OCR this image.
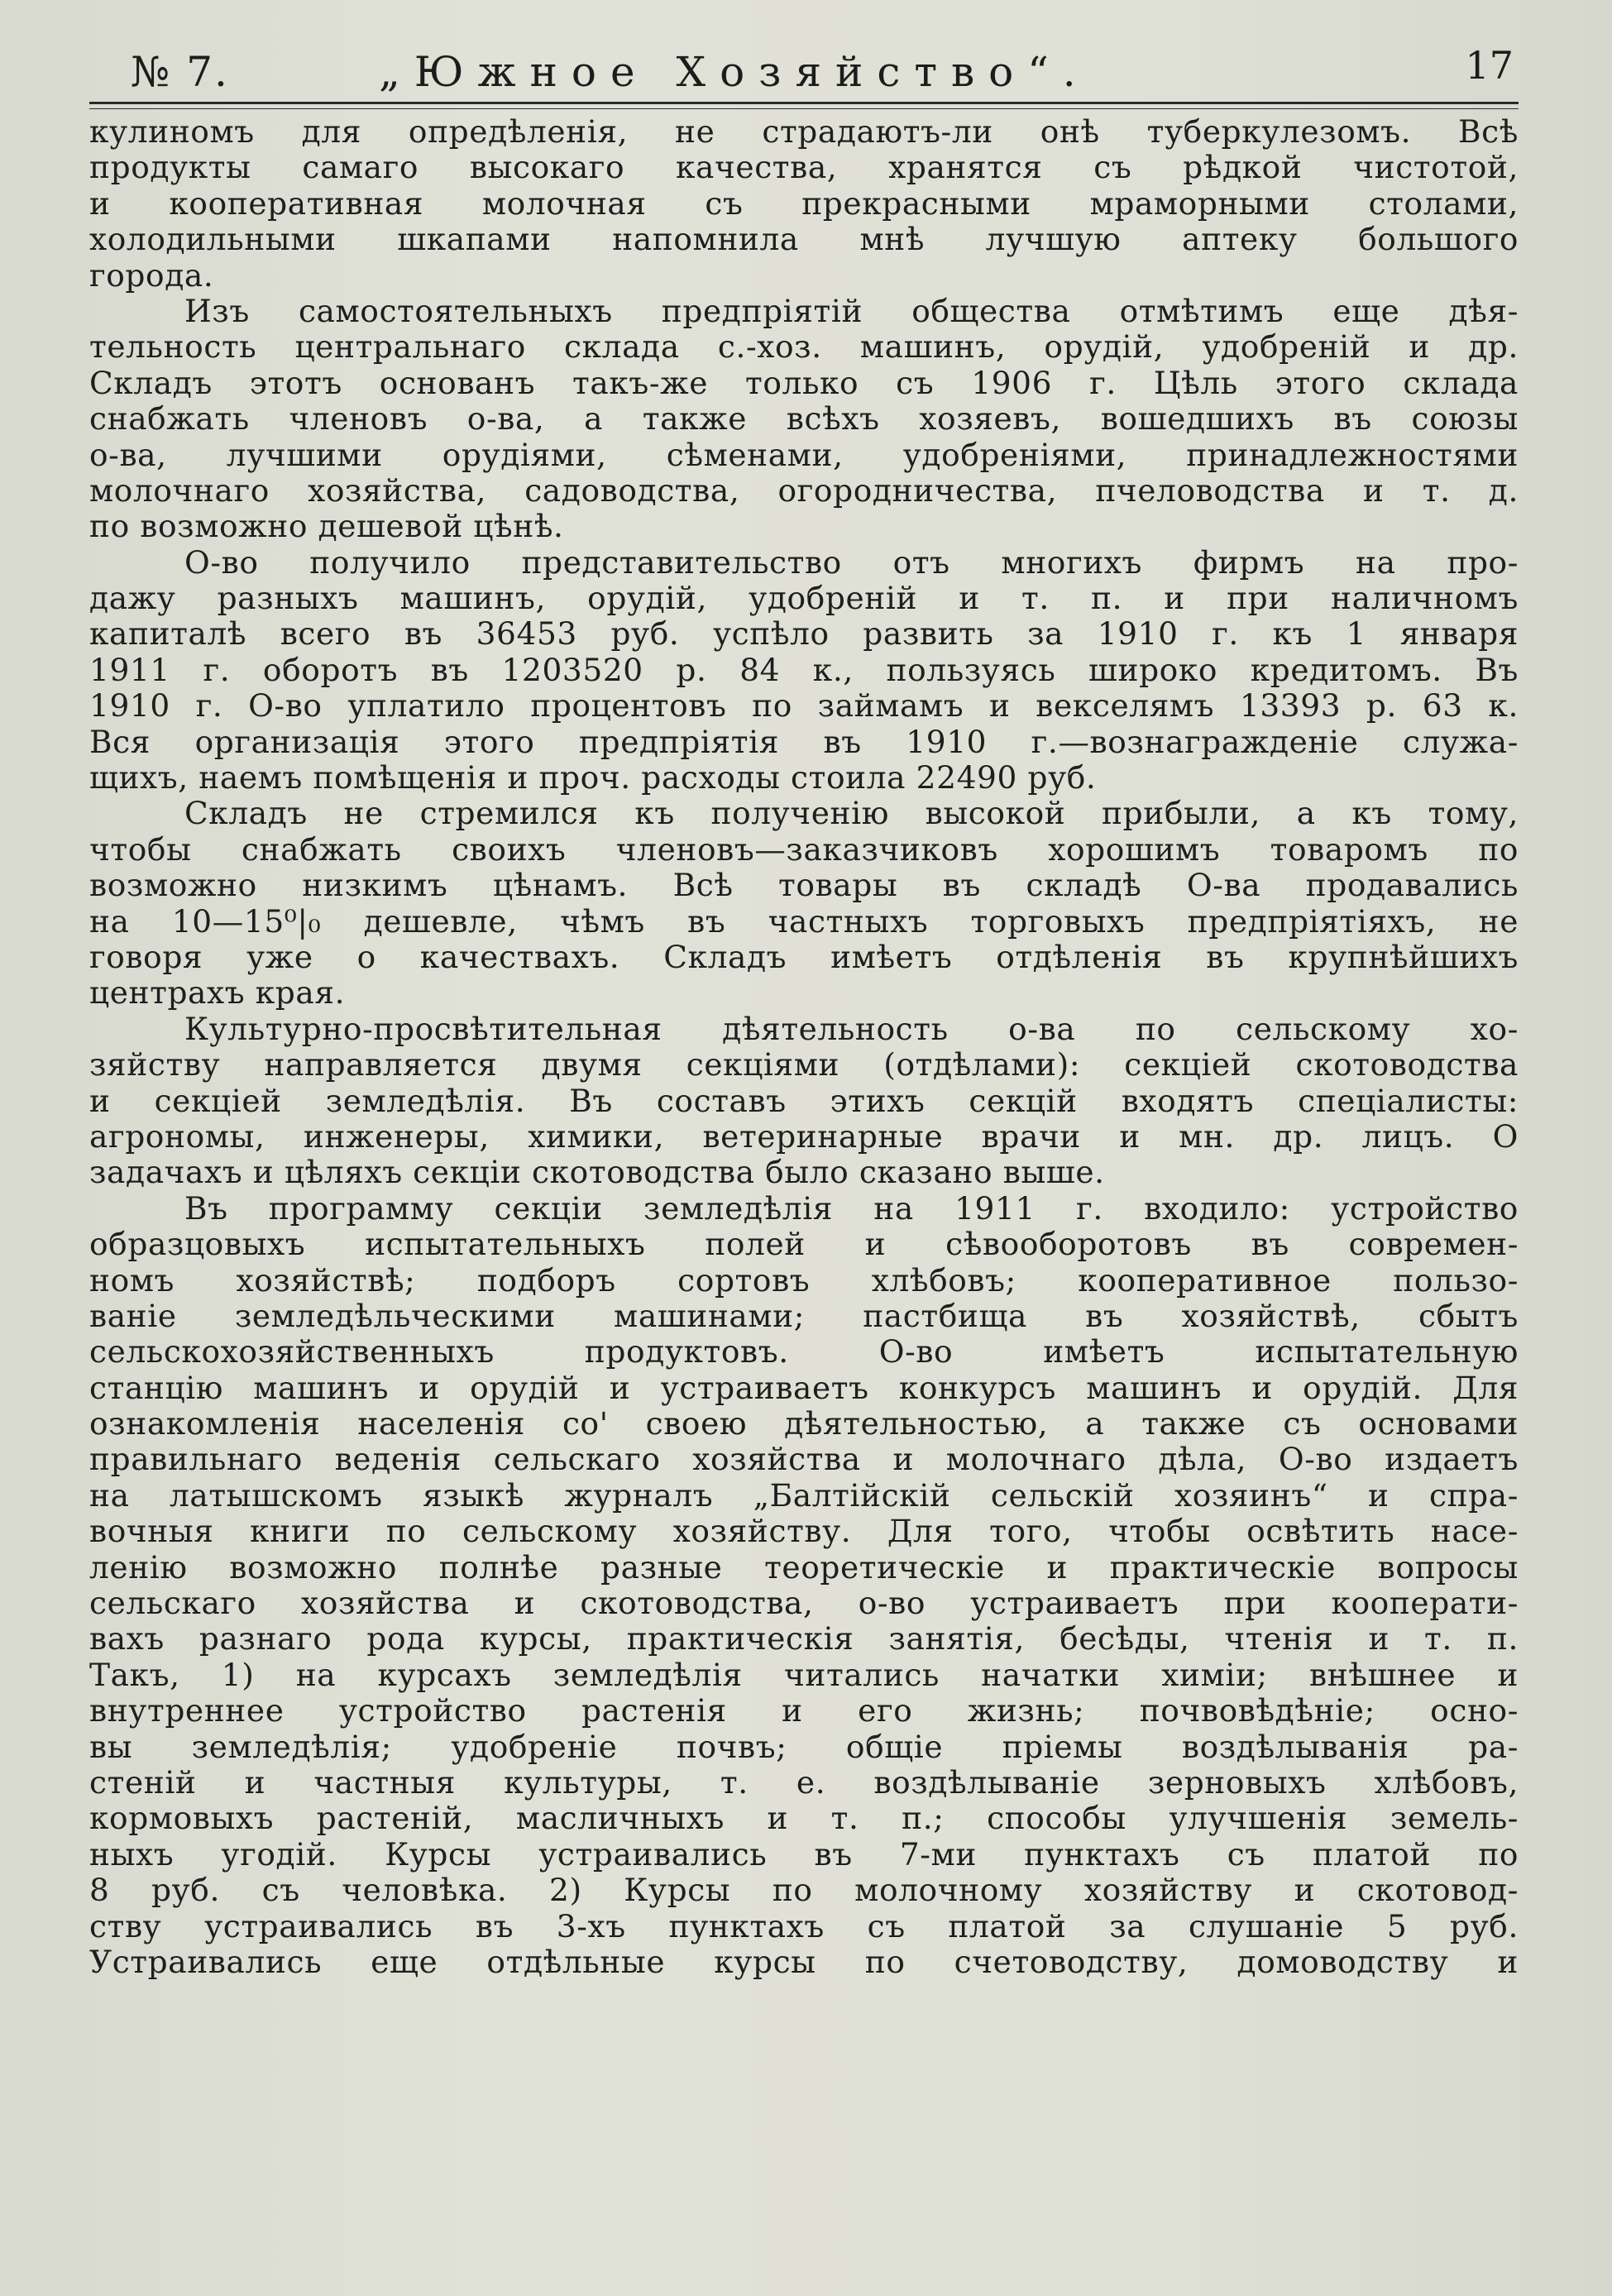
№ 7.	„Южное Хозяйство“.	17
кулиномъ для опредѣленія, не страдаютъ-ли онѣ туберкулезомъ. Всѣ
продукты самаго высокаго качества, хранятся съ рѣдкой чистотой,
и кооперативная молочная съ прекрасными мраморными столами,
холодильными шкапами напомнила мнѣ лучшую аптеку большого
города.
Изъ самостоятельныхъ предпріятій общества отмѣтимъ еще дѣя-
тельность центральнаго склада с.-хоз. машинъ, орудій, удобреній и др.
Складъ этотъ основанъ такъ-же только съ 1906 г. Цѣль этого склада
снабжать членовъ о-ва, а также всѣхъ хозяевъ, вошедшихъ въ союзы
о-ва, лучшими орудіями, сѣменами, удобреніями, принадлежностями
молочнаго хозяйства, садоводства, огородничества, пчеловодства и т. д.
по возможно дешевой цѣнѣ.
О-во получило представительство отъ многихъ фирмъ на про-
дажу разныхъ машинъ, орудій, удобреній и т. п. и при наличномъ
капиталѣ всего въ 36453 руб. успѣло развить за 1910 г. къ 1 января
1911 г. оборотъ въ 1203520 р. 84 к., пользуясь широко кредитомъ. Въ
1910 г. О-во уплатило процентовъ по займамъ и векселямъ 13393 р. 63 к.
Вся организація этого предпріятія въ 1910 г.—вознагражденіе служа-
щихъ, наемъ помѣщенія и проч. расходы стоила 22490 руб.
Складъ не стремился къ полученію высокой прибыли, а къ тому,
чтобы снабжать своихъ членовъ—заказчиковъ хорошимъ товаромъ по
возможно низкимъ цѣнамъ. Всѣ товары въ складѣ О-ва продавались
на 10—15⁰|₀ дешевле, чѣмъ въ частныхъ торговыхъ предпріятіяхъ, не
говоря уже о качествахъ. Складъ имѣетъ отдѣленія въ крупнѣйшихъ
центрахъ края.
Культурно-просвѣтительная дѣятельность о-ва по сельскому хо-
зяйству направляется двумя секціями (отдѣлами): секціей скотоводства
и секціей земледѣлія. Въ составъ этихъ секцій входятъ спеціалисты:
агрономы, инженеры, химики, ветеринарные врачи и мн. др. лицъ. О
задачахъ и цѣляхъ секціи скотоводства было сказано выше.
Въ программу секціи земледѣлія на 1911 г. входило: устройство
образцовыхъ испытательныхъ полей и сѣвооборотовъ въ современ-
номъ хозяйствѣ; подборъ сортовъ хлѣбовъ; кооперативное пользо-
ваніе земледѣльческими машинами; пастбища въ хозяйствѣ, сбытъ
сельскохозяйственныхъ продуктовъ. О-во имѣетъ испытательную
станцію машинъ и орудій и устраиваетъ конкурсъ машинъ и орудій. Для
ознакомленія населенія со' своею дѣятельностью, а также съ основами
правильнаго веденія сельскаго хозяйства и молочнаго дѣла, О-во издаетъ
на латышскомъ языкѣ журналъ „Балтійскій сельскій хозяинъ“ и спра-
вочныя книги по сельскому хозяйству. Для того, чтобы освѣтить насе-
ленію возможно полнѣе разные теоретическіе и практическіе вопросы
сельскаго хозяйства и скотоводства, о-во устраиваетъ при кооперати-
вахъ разнаго рода курсы, практическія занятія, бесѣды, чтенія и т. п.
Такъ, 1) на курсахъ земледѣлія читались начатки химіи; внѣшнее и
внутреннее устройство растенія и его жизнь; почвовѣдѣніе; осно-
вы земледѣлія; удобреніе почвъ; общіе пріемы воздѣлыванія ра-
стеній и частныя культуры, т. е. воздѣлываніе зерновыхъ хлѣбовъ,
кормовыхъ растеній, масличныхъ и т. п.; способы улучшенія земель-
ныхъ угодій. Курсы устраивались въ 7-ми пунктахъ съ платой по
8 руб. съ человѣка. 2) Курсы по молочному хозяйству и скотовод-
ству устраивались въ 3-хъ пунктахъ съ платой за слушаніе 5 руб.
Устраивались еще отдѣльные курсы по счетоводству, домоводству и
